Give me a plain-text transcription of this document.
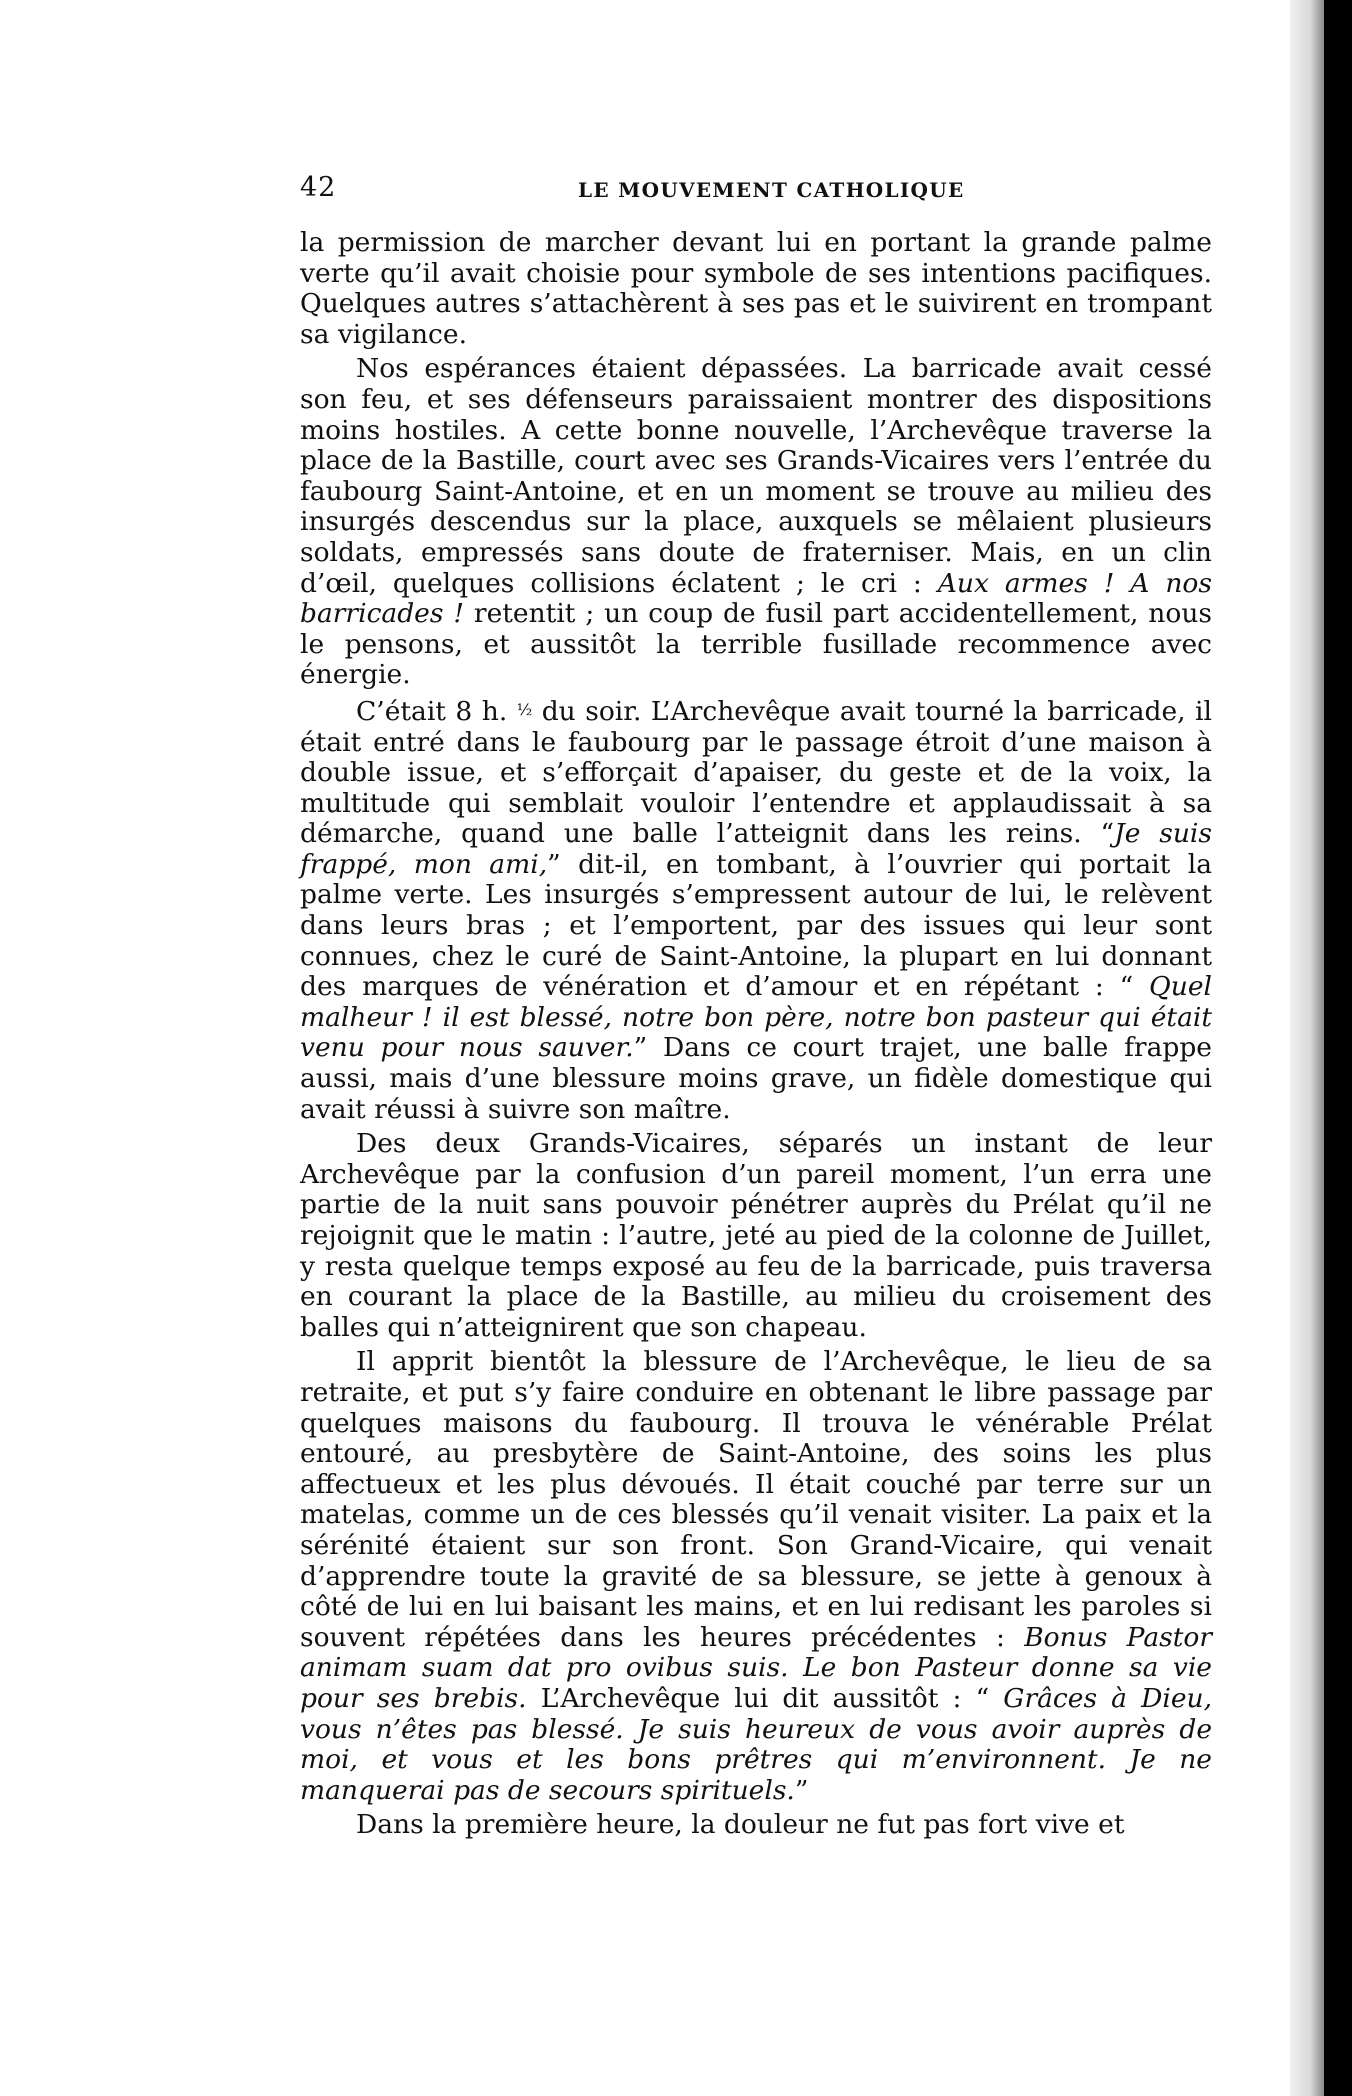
42	LE MOUVEMENT CATHOLIQUE

la permission de marcher devant lui en portant la grande palme verte qu’il avait choisie pour symbole de ses intentions pacifiques. Quelques autres s’attachèrent à ses pas et le suivirent en trompant sa vigilance.

Nos espérances étaient dépassées. La barricade avait cessé son feu, et ses défenseurs paraissaient montrer des dispositions moins hostiles. A cette bonne nouvelle, l’Archevêque traverse la place de la Bastille, court avec ses Grands-Vicaires vers l’entrée du faubourg Saint-Antoine, et en un moment se trouve au milieu des insurgés descendus sur la place, auxquels se mêlaient plusieurs soldats, empressés sans doute de fraterniser. Mais, en un clin d’œil, quelques collisions éclatent ; le cri : Aux armes ! A nos barricades ! retentit ; un coup de fusil part accidentellement, nous le pensons, et aussitôt la terrible fusillade recommence avec énergie.

C’était 8 h. ½ du soir. L’Archevêque avait tourné la barricade, il était entré dans le faubourg par le passage étroit d’une maison à double issue, et s’efforçait d’apaiser, du geste et de la voix, la multitude qui semblait vouloir l’entendre et applaudissait à sa démarche, quand une balle l’atteignit dans les reins. “Je suis frappé, mon ami,” dit-il, en tombant, à l’ouvrier qui portait la palme verte. Les insurgés s’empressent autour de lui, le relèvent dans leurs bras ; et l’emportent, par des issues qui leur sont connues, chez le curé de Saint-Antoine, la plupart en lui donnant des marques de vénération et d’amour et en répétant : “ Quel malheur ! il est blessé, notre bon père, notre bon pasteur qui était venu pour nous sauver.” Dans ce court trajet, une balle frappe aussi, mais d’une blessure moins grave, un fidèle domestique qui avait réussi à suivre son maître.

Des deux Grands-Vicaires, séparés un instant de leur Archevêque par la confusion d’un pareil moment, l’un erra une partie de la nuit sans pouvoir pénétrer auprès du Prélat qu’il ne rejoignit que le matin : l’autre, jeté au pied de la colonne de Juillet, y resta quelque temps exposé au feu de la barricade, puis traversa en courant la place de la Bastille, au milieu du croisement des balles qui n’atteignirent que son chapeau.

Il apprit bientôt la blessure de l’Archevêque, le lieu de sa retraite, et put s’y faire conduire en obtenant le libre passage par quelques maisons du faubourg. Il trouva le vénérable Prélat entouré, au presbytère de Saint-Antoine, des soins les plus affectueux et les plus dévoués. Il était couché par terre sur un matelas, comme un de ces blessés qu’il venait visiter. La paix et la sérénité étaient sur son front. Son Grand-Vicaire, qui venait d’apprendre toute la gravité de sa blessure, se jette à genoux à côté de lui en lui baisant les mains, et en lui redisant les paroles si souvent répétées dans les heures précédentes : Bonus Pastor animam suam dat pro ovibus suis. Le bon Pasteur donne sa vie pour ses brebis. L’Archevêque lui dit aussitôt : “ Grâces à Dieu, vous n’êtes pas blessé. Je suis heureux de vous avoir auprès de moi, et vous et les bons prêtres qui m’environnent. Je ne manquerai pas de secours spirituels.”

Dans la première heure, la douleur ne fut pas fort vive et
